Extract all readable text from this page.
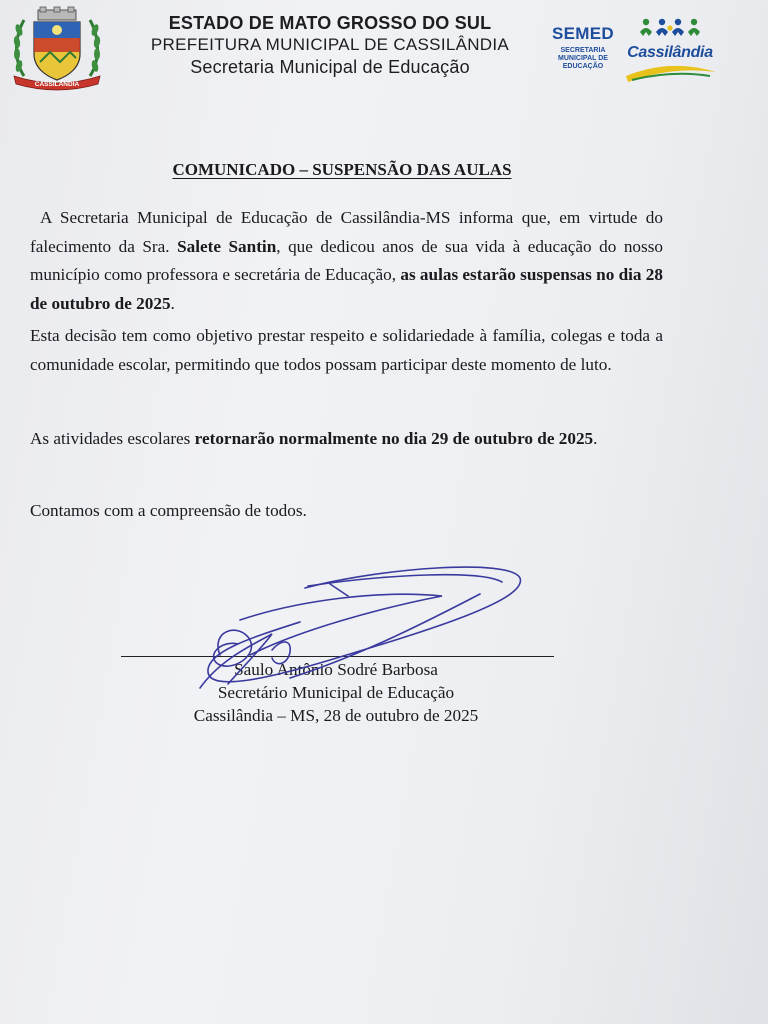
CASSILÂNDIA
ESTADO DE MATO GROSSO DO SUL
PREFEITURA MUNICIPAL DE CASSILÂNDIA
Secretaria Municipal de Educação
SEMED
SECRETARIA
MUNICIPAL DE
EDUCAÇÃO
Cassilândia
COMUNICADO – SUSPENSÃO DAS AULAS
A Secretaria Municipal de Educação de Cassilândia-MS informa que, em virtude do falecimento da Sra. Salete Santin, que dedicou anos de sua vida à educação do nosso município como professora e secretária de Educação, as aulas estarão suspensas no dia 28 de outubro de 2025.
Esta decisão tem como objetivo prestar respeito e solidariedade à família, colegas e toda a comunidade escolar, permitindo que todos possam participar deste momento de luto.
As atividades escolares retornarão normalmente no dia 29 de outubro de 2025.
Contamos com a compreensão de todos.
Saulo Antônio Sodré Barbosa
Secretário Municipal de Educação
Cassilândia – MS, 28 de outubro de 2025
